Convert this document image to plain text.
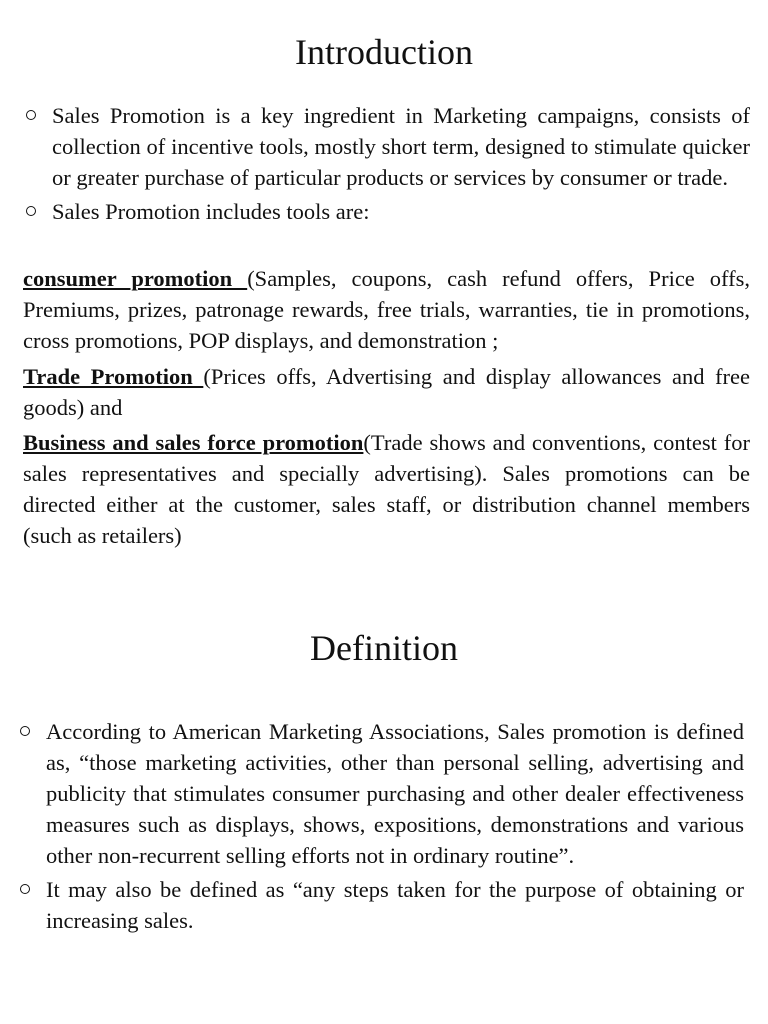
Introduction
Sales Promotion is a key ingredient in Marketing campaigns, consists of collection of incentive tools, mostly short term, designed to stimulate quicker or greater purchase of particular products or services by consumer or trade.
Sales Promotion includes tools are:

consumer promotion (Samples, coupons, cash refund offers, Price offs, Premiums, prizes, patronage rewards, free trials, warranties, tie in promotions, cross promotions, POP displays, and demonstration ;

Trade Promotion (Prices offs, Advertising and display allowances and free goods) and

Business and sales force promotion(Trade shows and conventions, contest for sales representatives and specially advertising). Sales promotions can be directed either at the customer, sales staff, or distribution channel members (such as retailers)

Definition
According to American Marketing Associations, Sales promotion is defined as, “those marketing activities, other than personal selling, advertising and publicity that stimulates consumer purchasing and other dealer effectiveness measures such as displays, shows, expositions, demonstrations and various other non-recurrent selling efforts not in ordinary routine”.
It may also be defined as “any steps taken for the purpose of obtaining or increasing sales.
